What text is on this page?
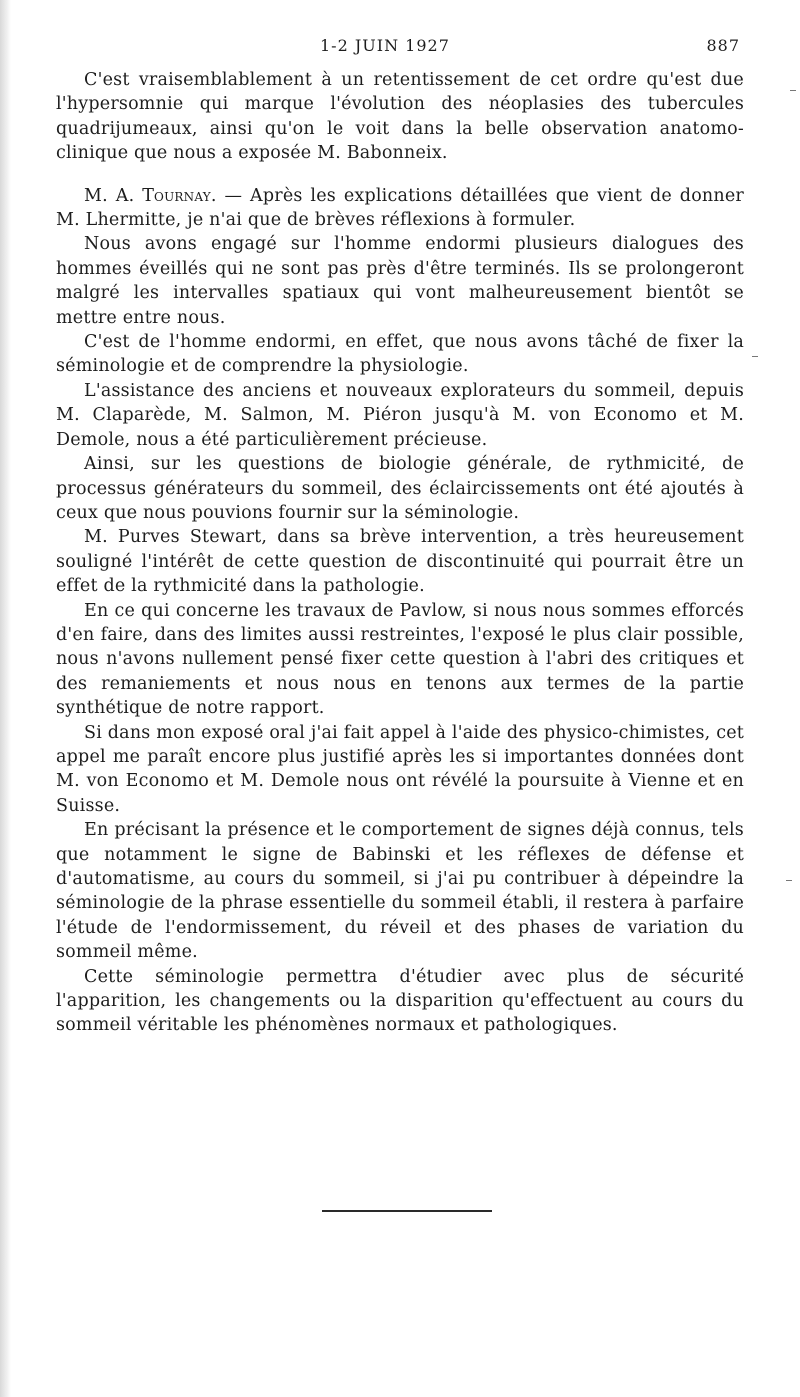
1-2 JUIN 1927	887

C'est vraisemblablement à un retentissement de cet ordre qu'est due l'hypersomnie qui marque l'évolution des néoplasies des tubercules quadrijumeaux, ainsi qu'on le voit dans la belle observation anatomo-clinique que nous a exposée M. Babonneix.

M. A. Tournay. — Après les explications détaillées que vient de donner M. Lhermitte, je n'ai que de brèves réflexions à formuler.

Nous avons engagé sur l'homme endormi plusieurs dialogues des hommes éveillés qui ne sont pas près d'être terminés. Ils se prolongeront malgré les intervalles spatiaux qui vont malheureusement bientôt se mettre entre nous.

C'est de l'homme endormi, en effet, que nous avons tâché de fixer la séminologie et de comprendre la physiologie.

L'assistance des anciens et nouveaux explorateurs du sommeil, depuis M. Claparède, M. Salmon, M. Piéron jusqu'à M. von Economo et M. Demole, nous a été particulièrement précieuse.

Ainsi, sur les questions de biologie générale, de rythmicité, de processus générateurs du sommeil, des éclaircissements ont été ajoutés à ceux que nous pouvions fournir sur la séminologie.

M. Purves Stewart, dans sa brève intervention, a très heureusement souligné l'intérêt de cette question de discontinuité qui pourrait être un effet de la rythmicité dans la pathologie.

En ce qui concerne les travaux de Pavlow, si nous nous sommes efforcés d'en faire, dans des limites aussi restreintes, l'exposé le plus clair possible, nous n'avons nullement pensé fixer cette question à l'abri des critiques et des remaniements et nous nous en tenons aux termes de la partie synthétique de notre rapport.

Si dans mon exposé oral j'ai fait appel à l'aide des physico-chimistes, cet appel me paraît encore plus justifié après les si importantes données dont M. von Economo et M. Demole nous ont révélé la poursuite à Vienne et en Suisse.

En précisant la présence et le comportement de signes déjà connus, tels que notamment le signe de Babinski et les réflexes de défense et d'automatisme, au cours du sommeil, si j'ai pu contribuer à dépeindre la séminologie de la phrase essentielle du sommeil établi, il restera à parfaire l'étude de l'endormissement, du réveil et des phases de variation du sommeil même.

Cette séminologie permettra d'étudier avec plus de sécurité l'apparition, les changements ou la disparition qu'effectuent au cours du sommeil véritable les phénomènes normaux et pathologiques.
